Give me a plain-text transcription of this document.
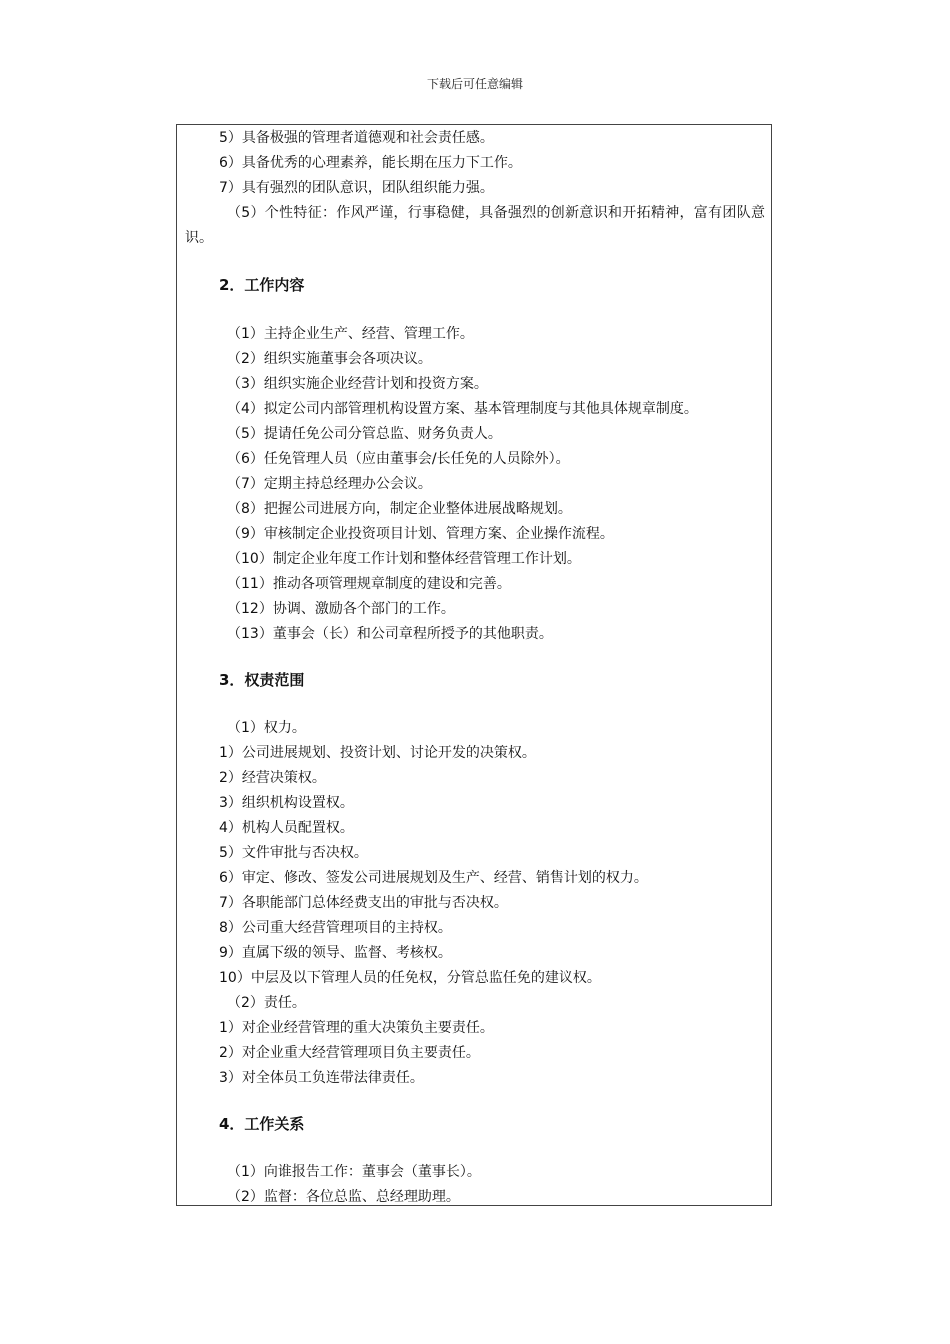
下载后可任意编辑
5）具备极强的管理者道德观和社会责任感。
6）具备优秀的心理素养，能长期在压力下工作。
7）具有强烈的团队意识，团队组织能力强。
（5）个性特征：作风严谨，行事稳健，具备强烈的创新意识和开拓精神，富有团队意识。
2．工作内容
（1）主持企业生产、经营、管理工作。
（2）组织实施董事会各项决议。
（3）组织实施企业经营计划和投资方案。
（4）拟定公司内部管理机构设置方案、基本管理制度与其他具体规章制度。
（5）提请任免公司分管总监、财务负责人。
（6）任免管理人员（应由董事会/长任免的人员除外）。
（7）定期主持总经理办公会议。
（8）把握公司进展方向，制定企业整体进展战略规划。
（9）审核制定企业投资项目计划、管理方案、企业操作流程。
（10）制定企业年度工作计划和整体经营管理工作计划。
（11）推动各项管理规章制度的建设和完善。
（12）协调、激励各个部门的工作。
（13）董事会（长）和公司章程所授予的其他职责。
3．权责范围
（1）权力。
1）公司进展规划、投资计划、讨论开发的决策权。
2）经营决策权。
3）组织机构设置权。
4）机构人员配置权。
5）文件审批与否决权。
6）审定、修改、签发公司进展规划及生产、经营、销售计划的权力。
7）各职能部门总体经费支出的审批与否决权。
8）公司重大经营管理项目的主持权。
9）直属下级的领导、监督、考核权。
10）中层及以下管理人员的任免权，分管总监任免的建议权。
（2）责任。
1）对企业经营管理的重大决策负主要责任。
2）对企业重大经营管理项目负主要责任。
3）对全体员工负连带法律责任。
4．工作关系
（1）向谁报告工作：董事会（董事长）。
（2）监督：各位总监、总经理助理。
